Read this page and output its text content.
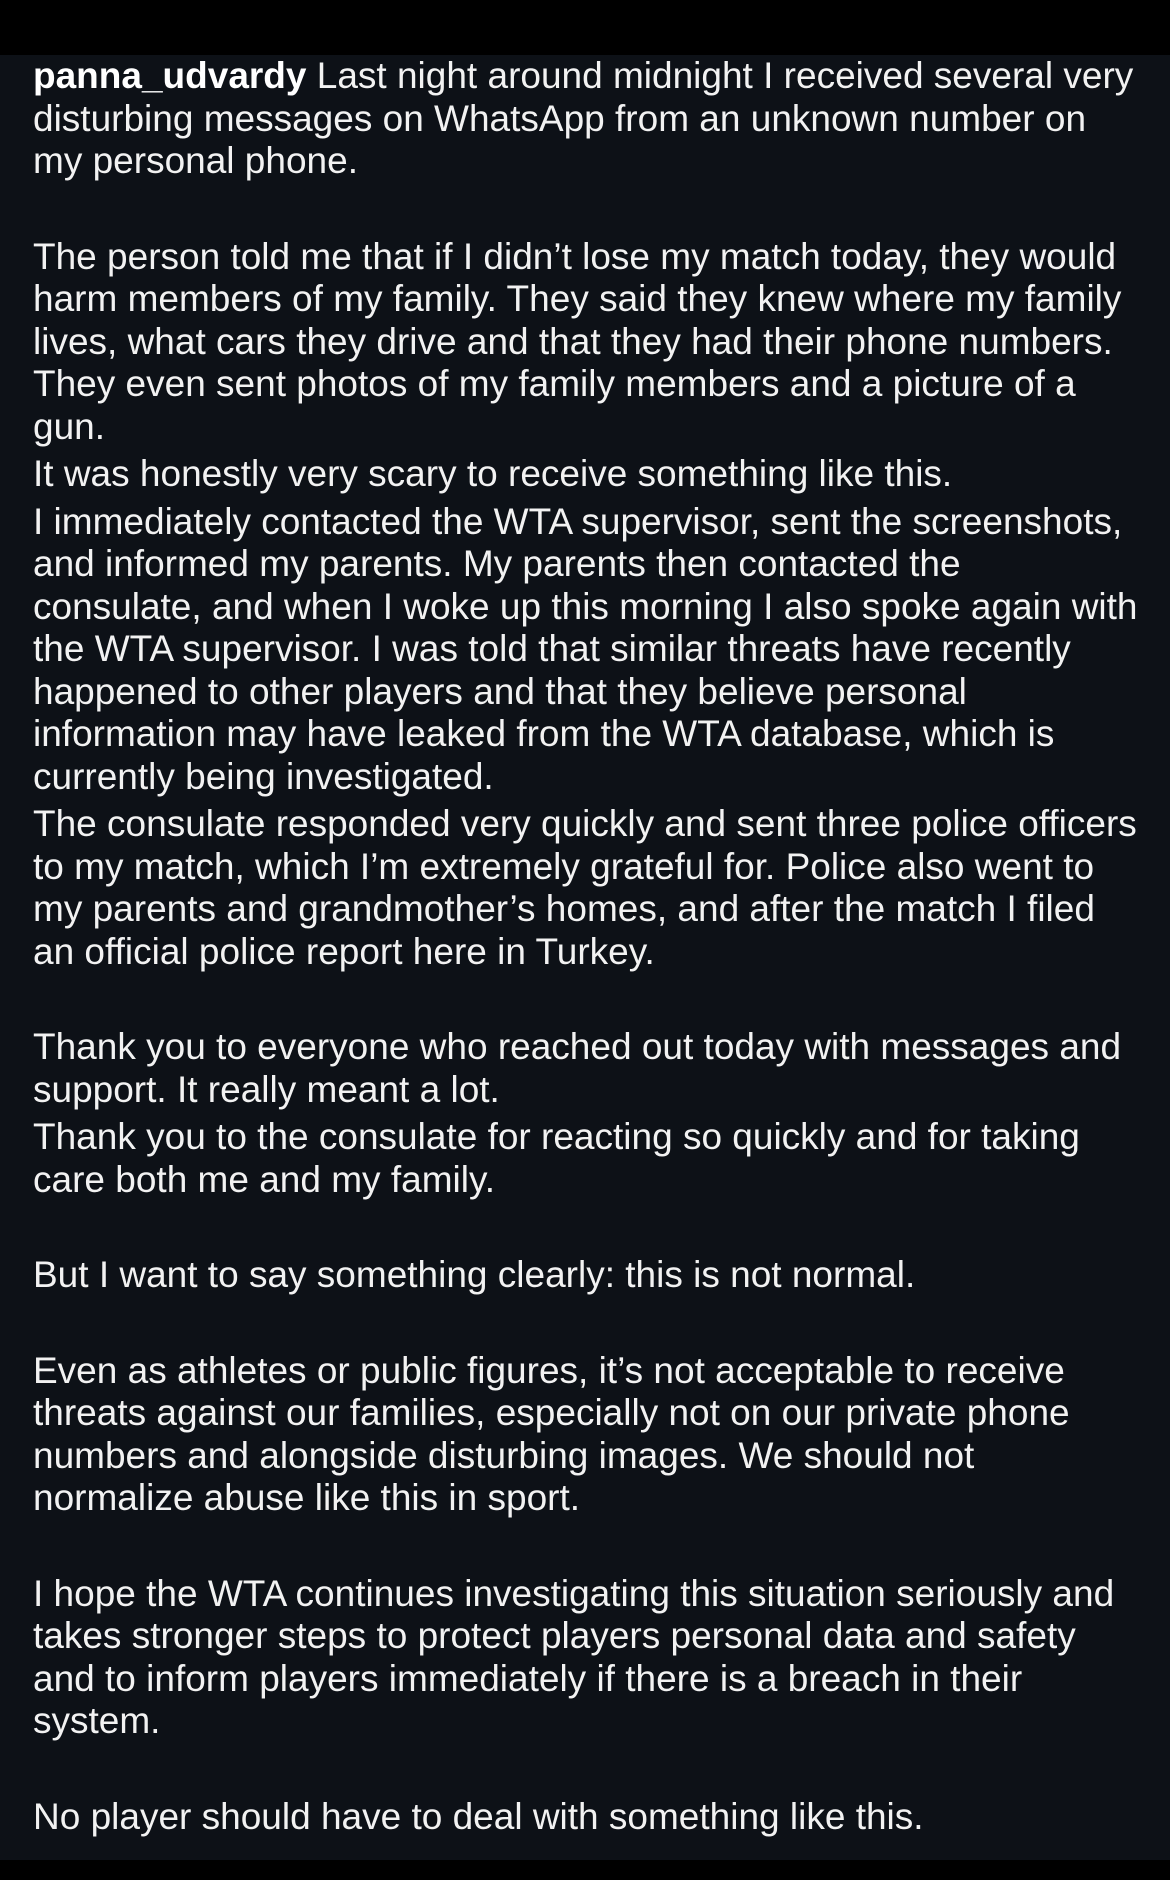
panna_udvardy Last night around midnight I received several very disturbing messages on WhatsApp from an unknown number on my personal phone.

The person told me that if I didn’t lose my match today, they would harm members of my family. They said they knew where my family lives, what cars they drive and that they had their phone numbers. They even sent photos of my family members and a picture of a gun.

It was honestly very scary to receive something like this.

I immediately contacted the WTA supervisor, sent the screenshots, and informed my parents. My parents then contacted the consulate, and when I woke up this morning I also spoke again with the WTA supervisor. I was told that similar threats have recently happened to other players and that they believe personal information may have leaked from the WTA database, which is currently being investigated.

The consulate responded very quickly and sent three police officers to my match, which I’m extremely grateful for. Police also went to my parents and grandmother’s homes, and after the match I filed an official police report here in Turkey.

Thank you to everyone who reached out today with messages and support. It really meant a lot.

Thank you to the consulate for reacting so quickly and for taking care both me and my family.

But I want to say something clearly: this is not normal.

Even as athletes or public figures, it’s not acceptable to receive threats against our families, especially not on our private phone numbers and alongside disturbing images. We should not normalize abuse like this in sport.

I hope the WTA continues investigating this situation seriously and takes stronger steps to protect players personal data and safety and to inform players immediately if there is a breach in their system.

No player should have to deal with something like this.
